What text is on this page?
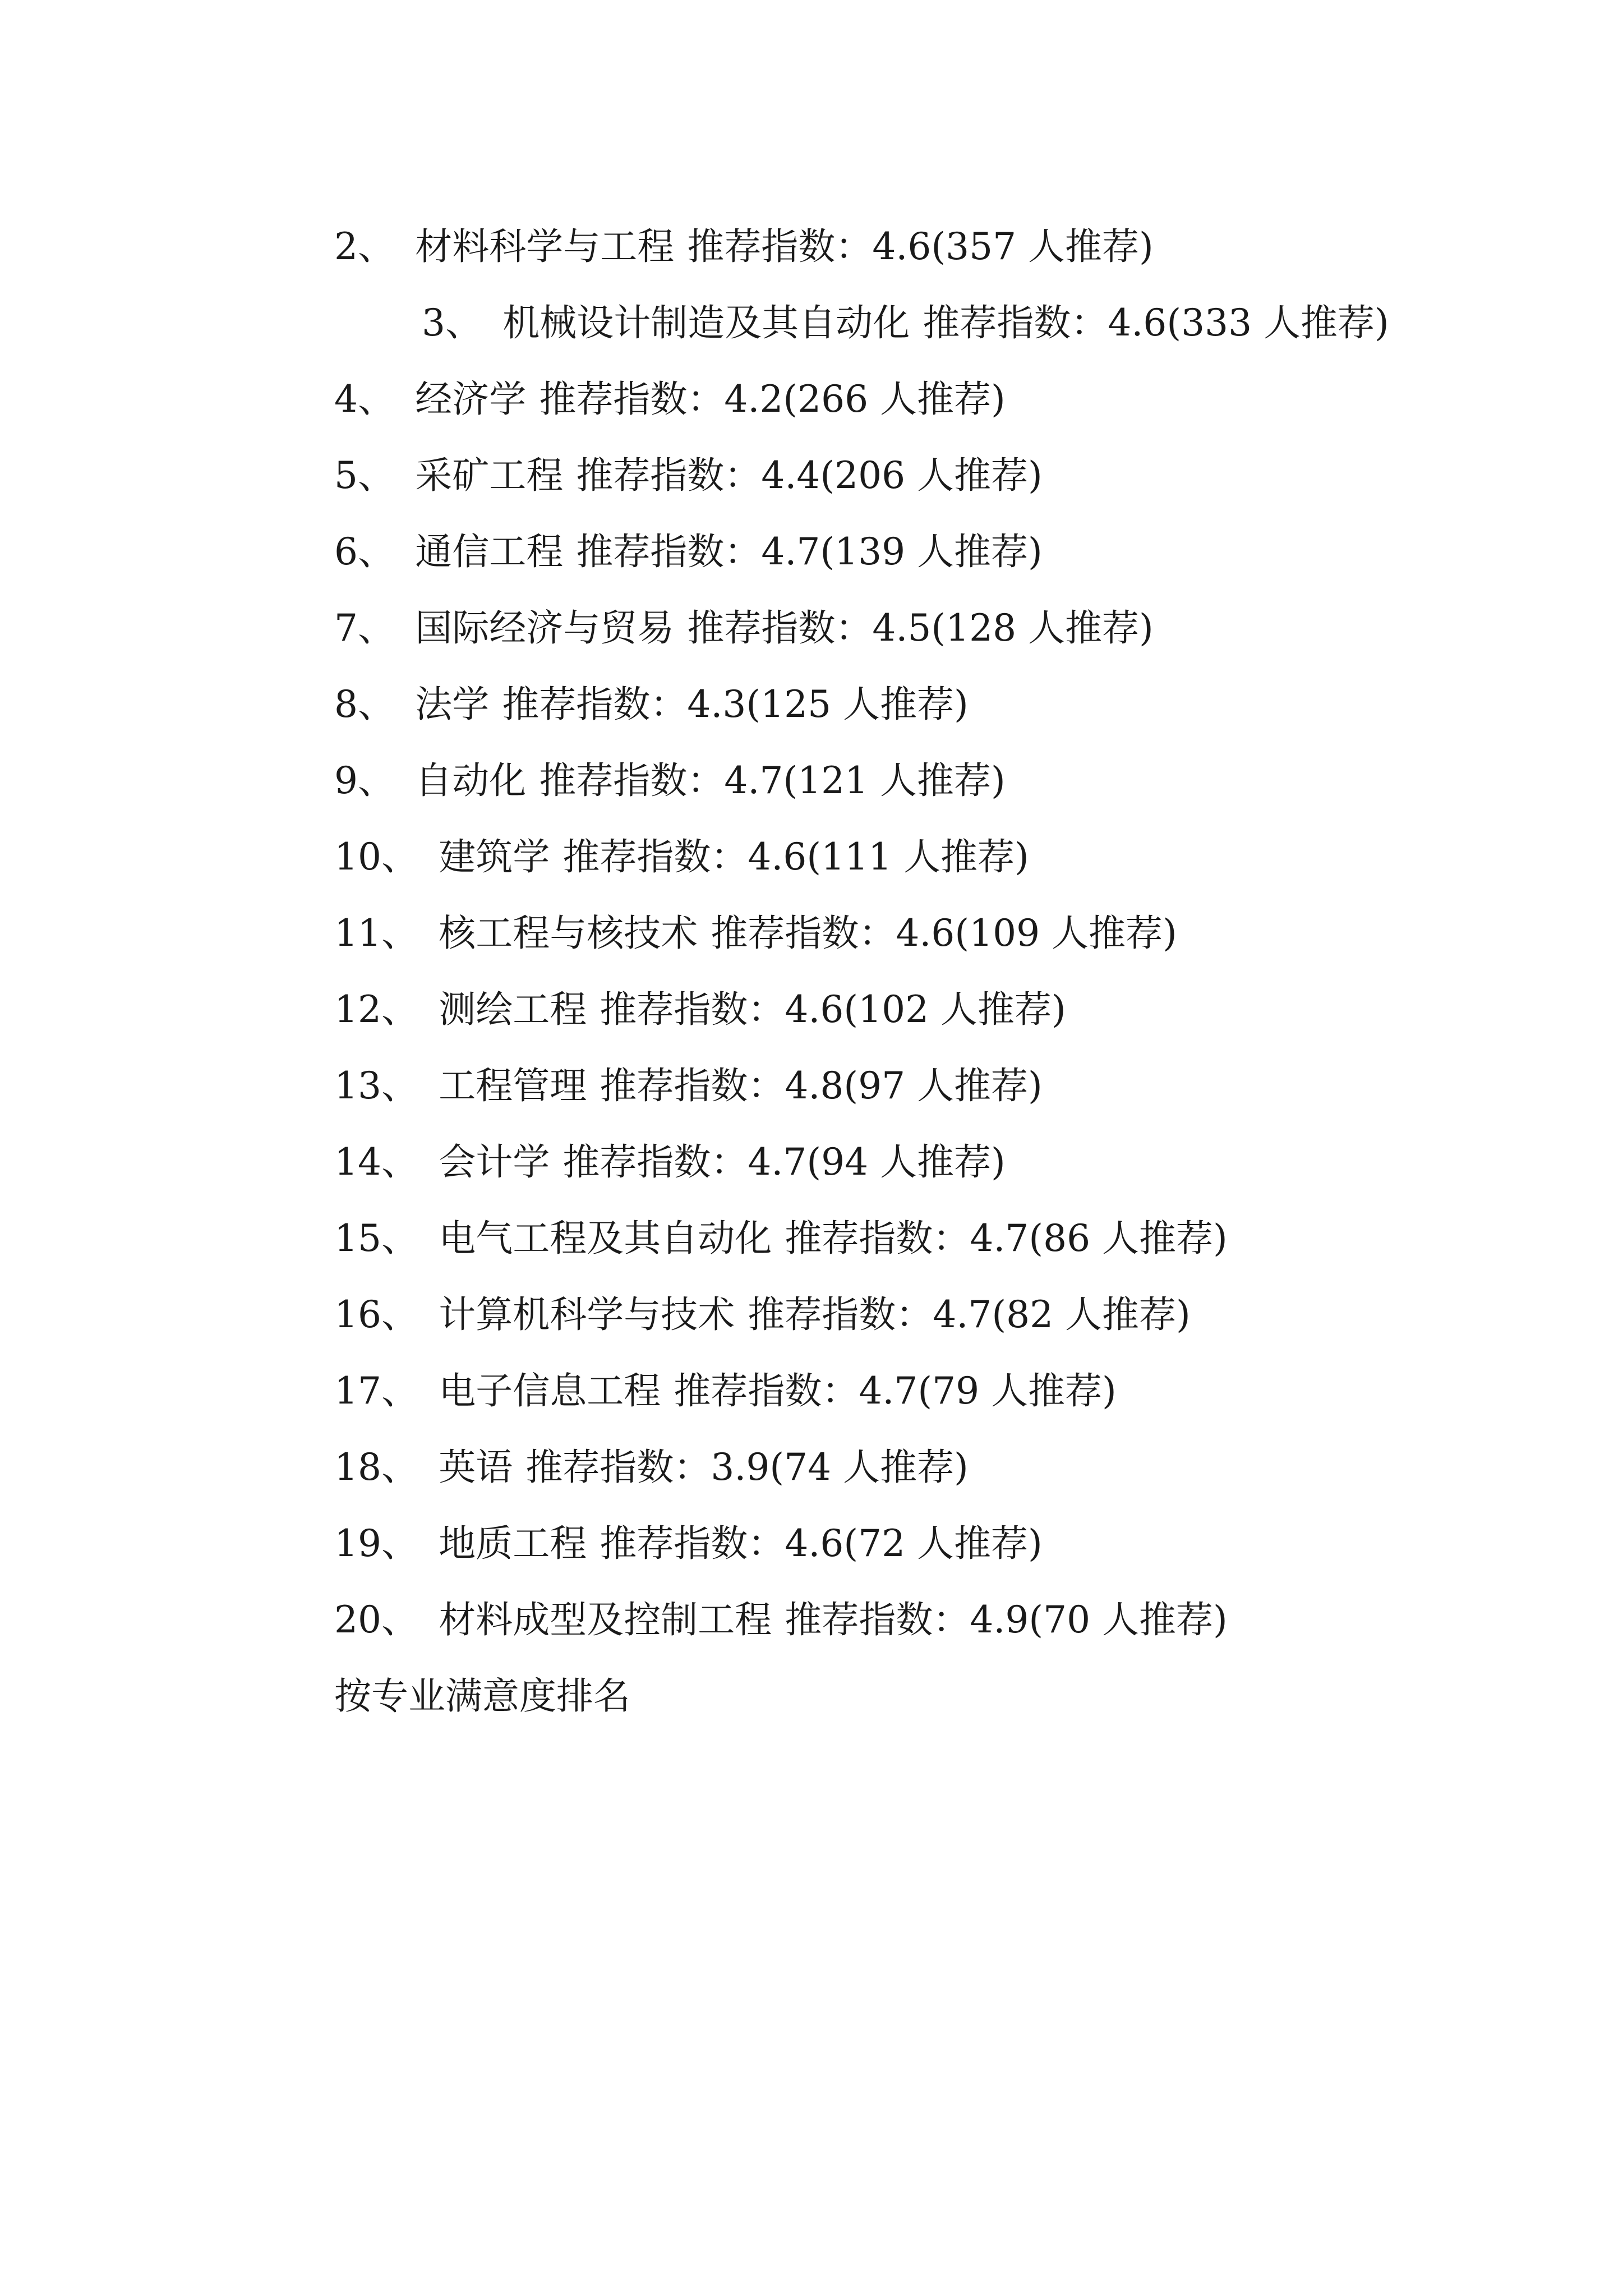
2、 材料科学与工程 推荐指数：4.6(357 人推荐)
3、 机械设计制造及其自动化 推荐指数：4.6(333 人推荐)
4、 经济学 推荐指数：4.2(266 人推荐)
5、 采矿工程 推荐指数：4.4(206 人推荐)
6、 通信工程 推荐指数：4.7(139 人推荐)
7、 国际经济与贸易 推荐指数：4.5(128 人推荐)
8、 法学 推荐指数：4.3(125 人推荐)
9、 自动化 推荐指数：4.7(121 人推荐)
10、 建筑学 推荐指数：4.6(111 人推荐)
11、 核工程与核技术 推荐指数：4.6(109 人推荐)
12、 测绘工程 推荐指数：4.6(102 人推荐)
13、 工程管理 推荐指数：4.8(97 人推荐)
14、 会计学 推荐指数：4.7(94 人推荐)
15、 电气工程及其自动化 推荐指数：4.7(86 人推荐)
16、 计算机科学与技术 推荐指数：4.7(82 人推荐)
17、 电子信息工程 推荐指数：4.7(79 人推荐)
18、 英语 推荐指数：3.9(74 人推荐)
19、 地质工程 推荐指数：4.6(72 人推荐)
20、 材料成型及控制工程 推荐指数：4.9(70 人推荐)
按专业满意度排名
